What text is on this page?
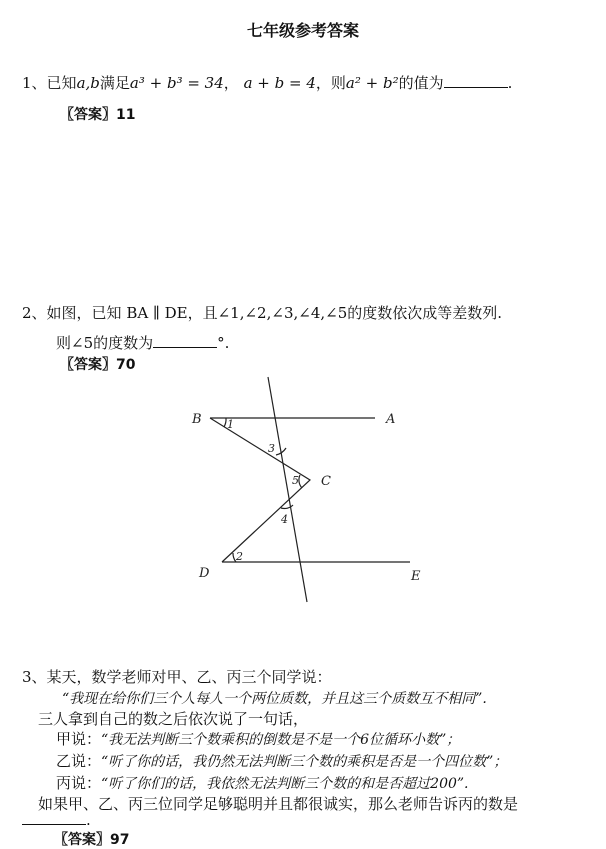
七年级参考答案
1、已知a,b满足a³ + b³ = 34， a + b = 4，则a² + b²的值为	.
〖答案〗11
2、如图，已知 BA ∥ DE，且∠1,∠2,∠3,∠4,∠5的度数依次成等差数列.
则∠5的度数为	°.
〖答案〗70
B	A
C
D	E
1
2
3
4
5
3、某天，数学老师对甲、乙、丙三个同学说：
“我现在给你们三个人每人一个两位质数，并且这三个质数互不相同”.
三人拿到自己的数之后依次说了一句话，
甲说：“我无法判断三个数乘积的倒数是不是一个6位循环小数”；
乙说：“听了你的话，我仍然无法判断三个数的乘积是否是一个四位数”；
丙说：“听了你们的话，我依然无法判断三个数的和是否超过200”.
如果甲、乙、丙三位同学足够聪明并且都很诚实，那么老师告诉丙的数是
.
〖答案〗97
